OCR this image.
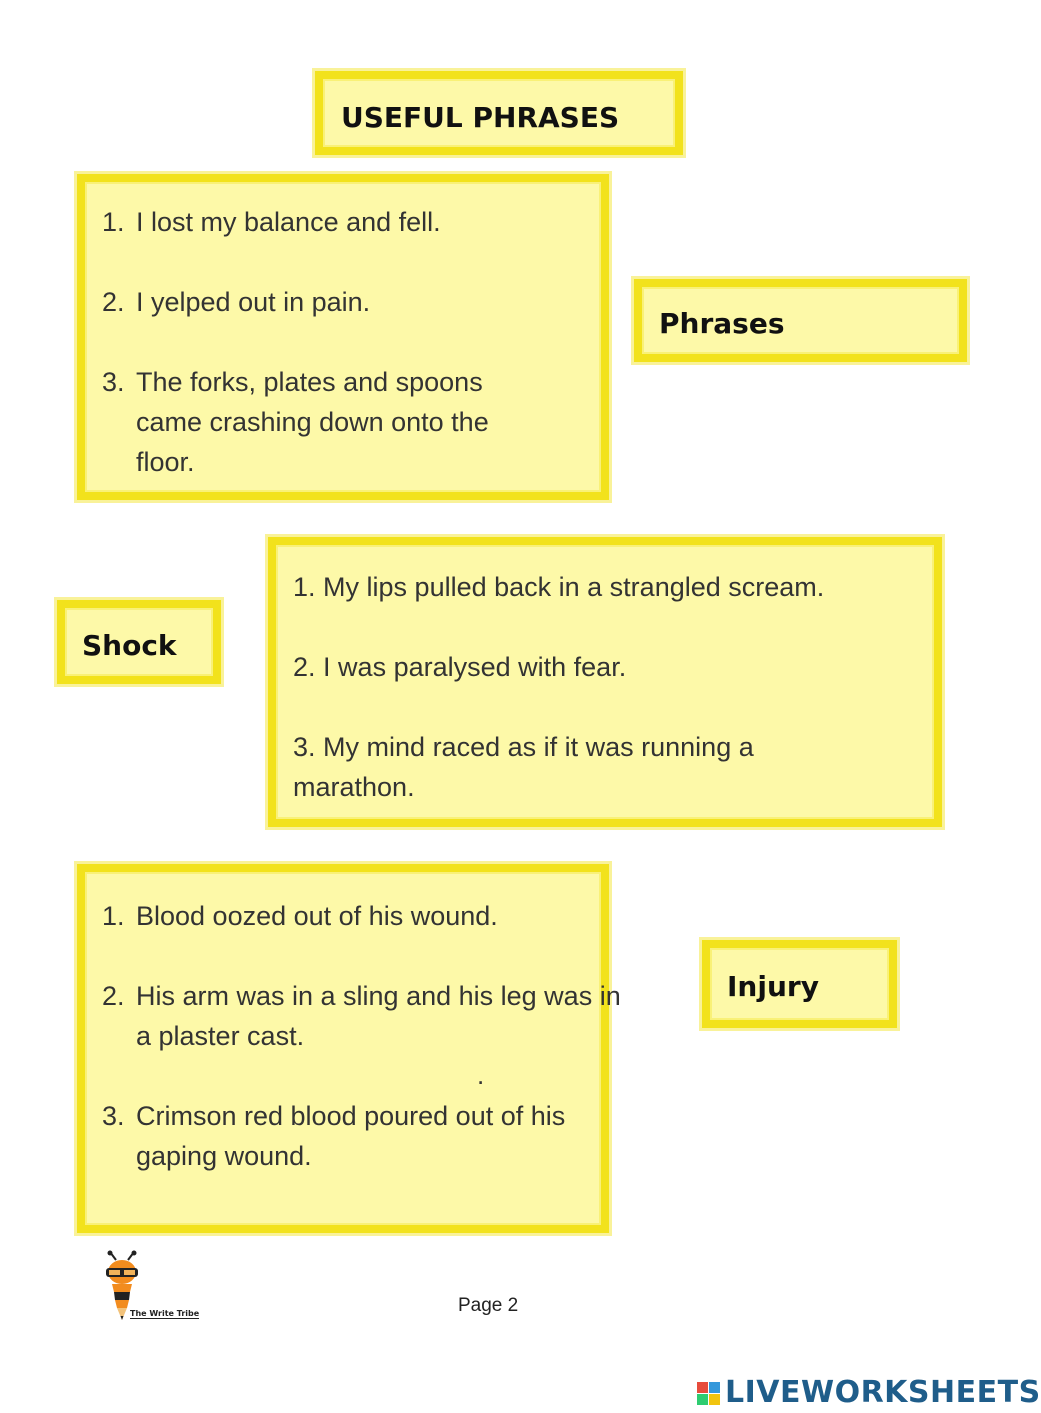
USEFUL PHRASES
1. I lost my balance and fell.
2. I yelped out in pain.
3. The forks, plates and spoons came crashing down onto the floor.
Phrases
Shock
1. My lips pulled back in a strangled scream.
2. I was paralysed with fear.
3. My mind raced as if it was running a marathon.
1. Blood oozed out of his wound.
2. His arm was in a sling and his leg was in a plaster cast.
3. Crimson red blood poured out of his gaping wound.
.
Injury
The Write Tribe	Page 2
LIVEWORKSHEETS
